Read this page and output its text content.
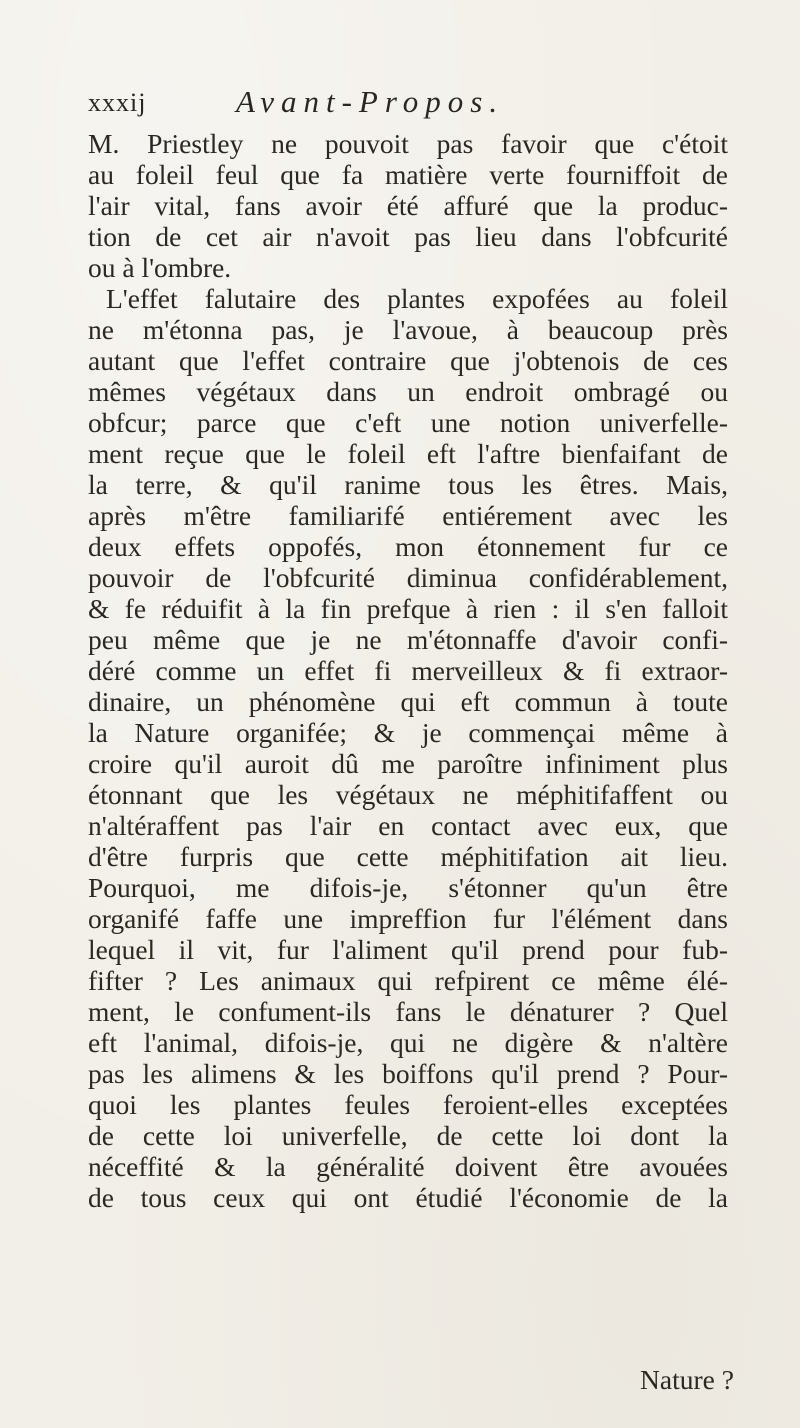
xxxij	Avant-Propos.
M. Priestley ne pouvoit pas favoir que c'étoit
au foleil feul que fa matière verte fourniffoit de
l'air vital, fans avoir été affuré que la produc-
tion de cet air n'avoit pas lieu dans l'obfcurité
ou à l'ombre.
L'effet falutaire des plantes expofées au foleil
ne m'étonna pas, je l'avoue, à beaucoup près
autant que l'effet contraire que j'obtenois de ces
mêmes végétaux dans un endroit ombragé ou
obfcur; parce que c'eft une notion univerfelle-
ment reçue que le foleil eft l'aftre bienfaifant de
la terre, & qu'il ranime tous les êtres. Mais,
après m'être familiarifé entiérement avec les
deux effets oppofés, mon étonnement fur ce
pouvoir de l'obfcurité diminua confidérablement,
& fe réduifit à la fin prefque à rien : il s'en falloit
peu même que je ne m'étonnaffe d'avoir confi-
déré comme un effet fi merveilleux & fi extraor-
dinaire, un phénomène qui eft commun à toute
la Nature organifée; & je commençai même à
croire qu'il auroit dû me paroître infiniment plus
étonnant que les végétaux ne méphitifaffent ou
n'altéraffent pas l'air en contact avec eux, que
d'être furpris que cette méphitifation ait lieu.
Pourquoi, me difois-je, s'étonner qu'un être
organifé faffe une impreffion fur l'élément dans
lequel il vit, fur l'aliment qu'il prend pour fub-
fifter ? Les animaux qui refpirent ce même élé-
ment, le confument-ils fans le dénaturer ? Quel
eft l'animal, difois-je, qui ne digère & n'altère
pas les alimens & les boiffons qu'il prend ? Pour-
quoi les plantes feules feroient-elles exceptées
de cette loi univerfelle, de cette loi dont la
néceffité & la généralité doivent être avouées
de tous ceux qui ont étudié l'économie de la
Nature ?
